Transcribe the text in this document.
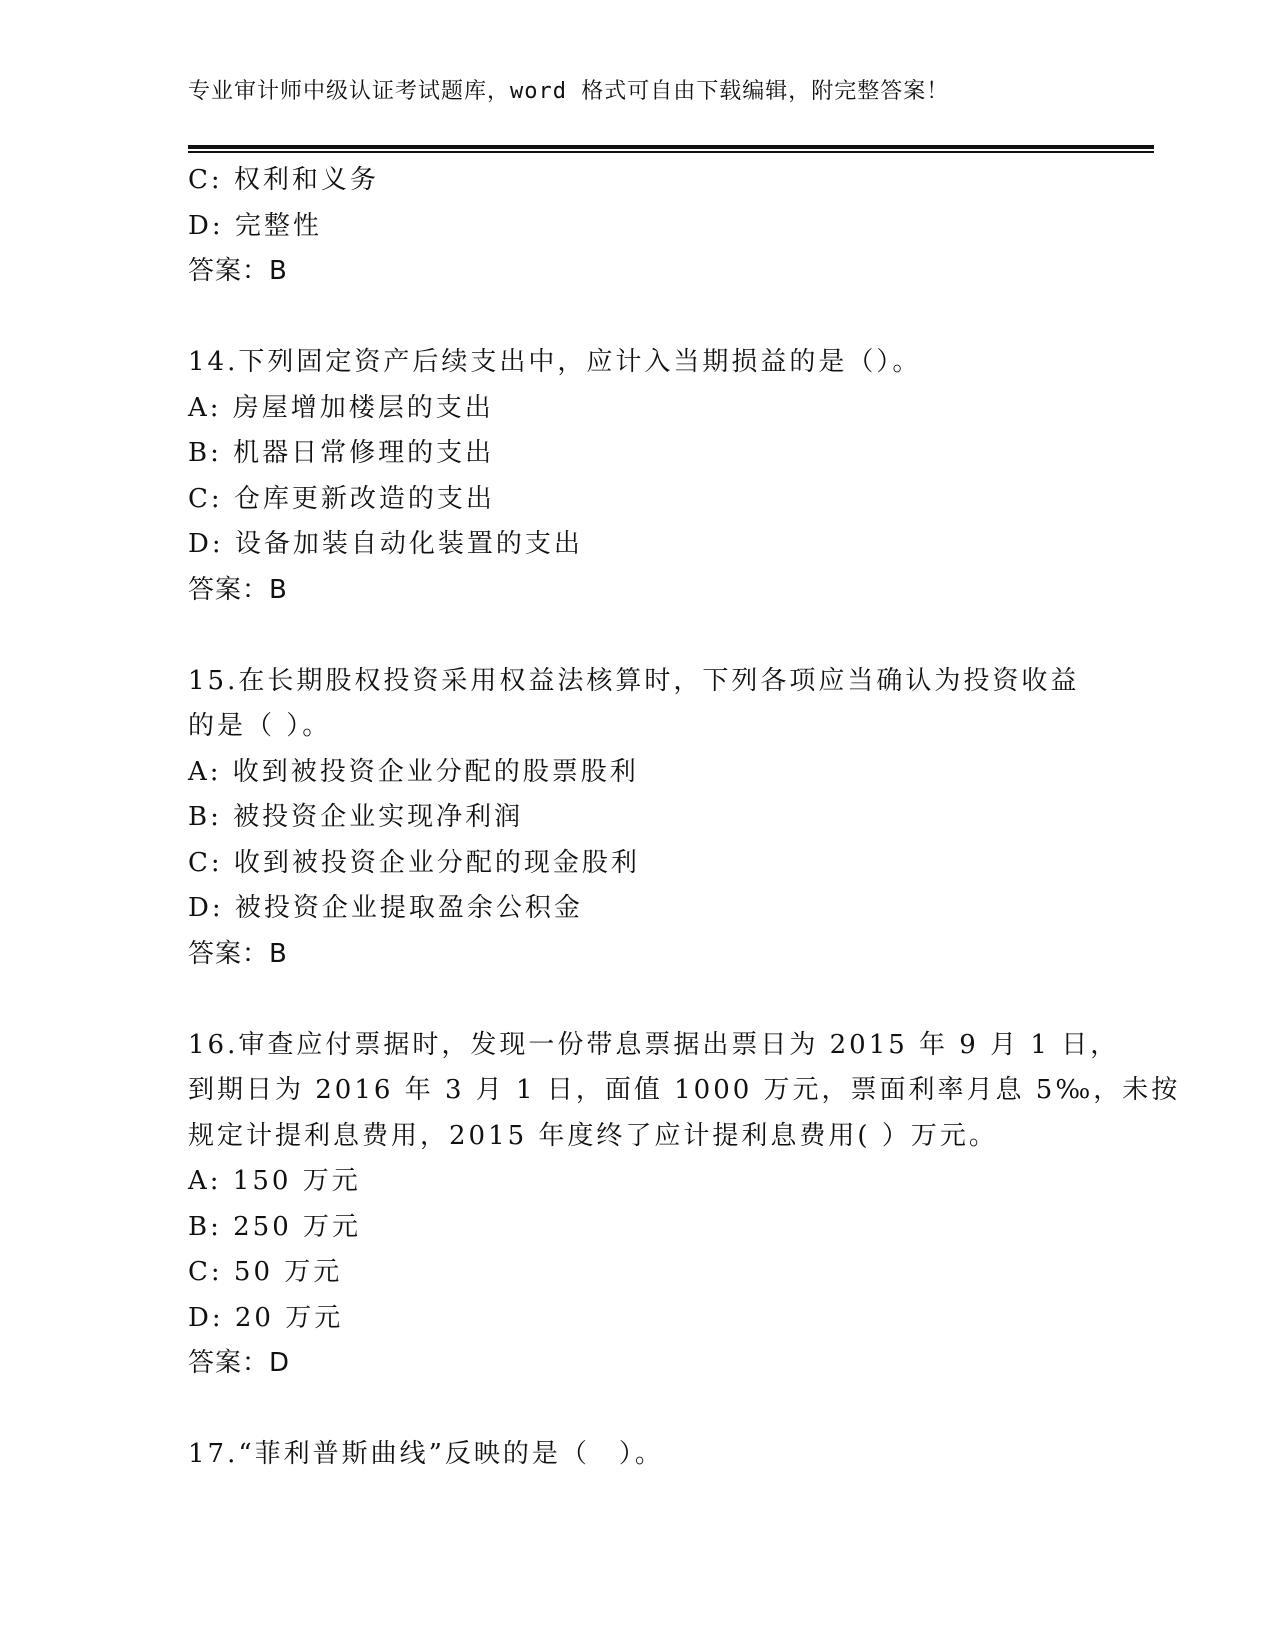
专业审计师中级认证考试题库，word 格式可自由下载编辑，附完整答案！
C: 权利和义务
D: 完整性
答案：B
14.下列固定资产后续支出中，应计入当期损益的是（）。
A: 房屋增加楼层的支出
B: 机器日常修理的支出
C: 仓库更新改造的支出
D: 设备加装自动化装置的支出
答案：B
15.在长期股权投资采用权益法核算时，下列各项应当确认为投资收益
的是（ ）。
A: 收到被投资企业分配的股票股利
B: 被投资企业实现净利润
C: 收到被投资企业分配的现金股利
D: 被投资企业提取盈余公积金
答案：B
16.审查应付票据时，发现一份带息票据出票日为 2015 年 9 月 1 日，
到期日为 2016 年 3 月 1 日，面值 1000 万元，票面利率月息 5‰，未按
规定计提利息费用，2015 年度终了应计提利息费用( ）万元。
A: 150 万元
B: 250 万元
C: 50 万元
D: 20 万元
答案：D
17.“菲利普斯曲线”反映的是（　）。
